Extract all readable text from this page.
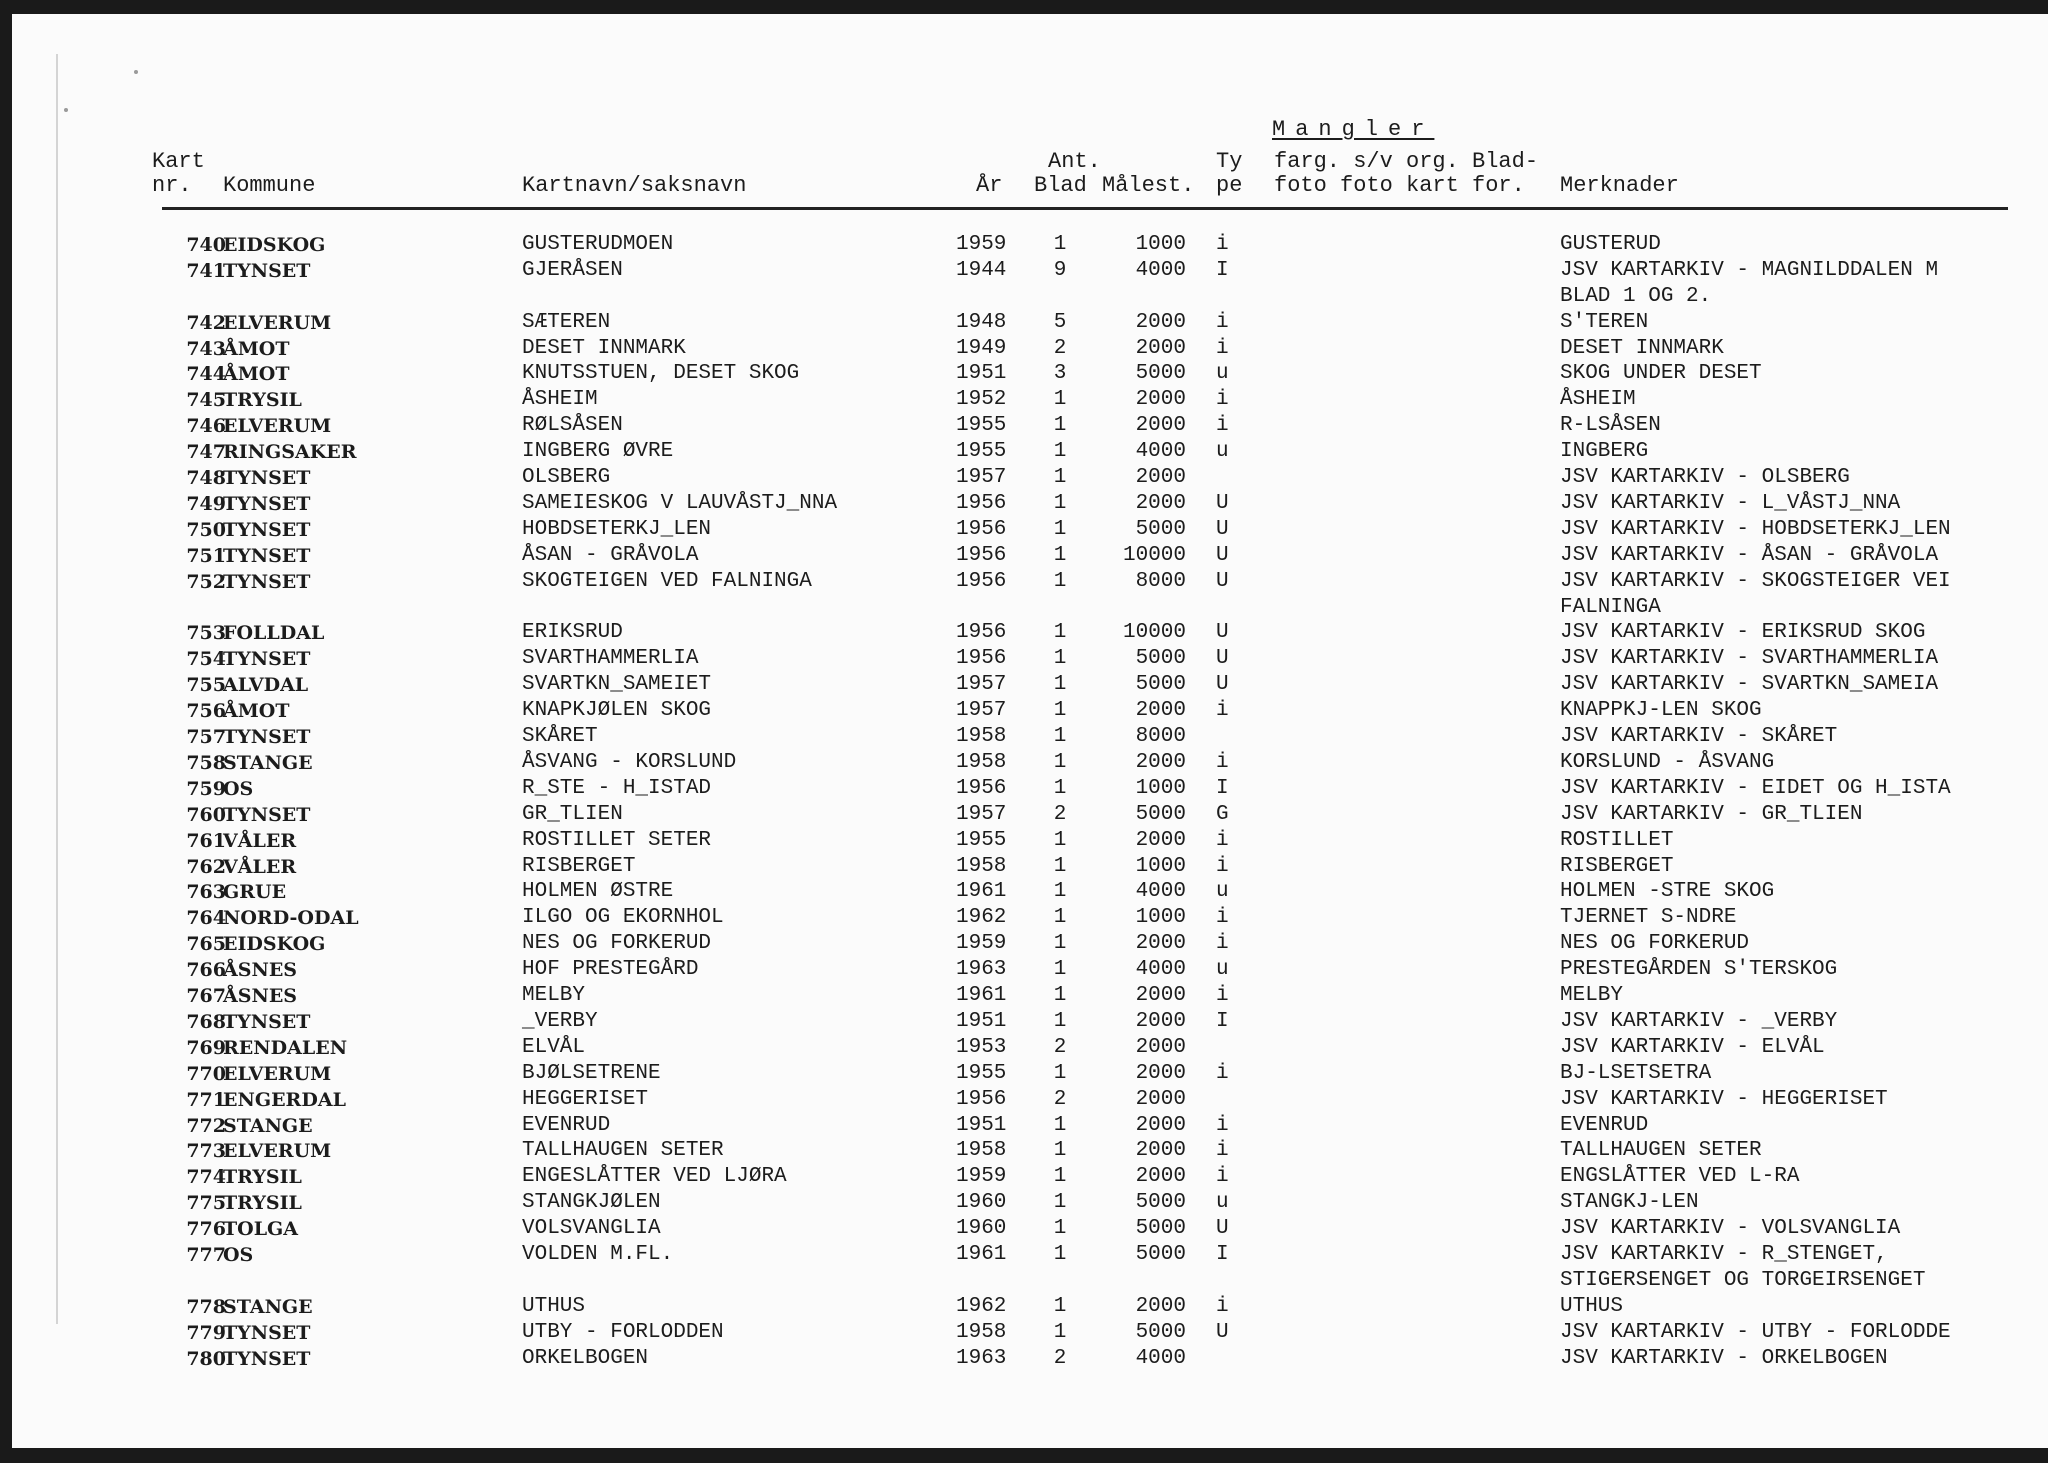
Mangler
Kart
nr. Kommune	Kartnavn/saksnavn	År
Ant.
Blad Målest.
Ty
pe
farg. s/v org. Blad-
foto foto kart for. Merknader
740
EIDSKOG	GUSTERUDMOEN	1959 1	1000 i	GUSTERUD
741
TYNSET	GJERÅSEN	1944 9	4000 I	JSV KARTARKIV - MAGNILDDALEN M
BLAD 1 OG 2.
742
ELVERUM	SÆTEREN	1948 5	2000 i	S'TEREN
743
ÅMOT	DESET INNMARK	1949 2	2000 i	DESET INNMARK
744
ÅMOT	KNUTSSTUEN, DESET SKOG	1951 3	5000 u	SKOG UNDER DESET
745
TRYSIL	ÅSHEIM	1952 1	2000 i	ÅSHEIM
746
ELVERUM	RØLSÅSEN	1955 1	2000 i	R-LSÅSEN
747
RINGSAKER	INGBERG ØVRE	1955 1	4000 u	INGBERG
748
TYNSET	OLSBERG	1957 1	2000	JSV KARTARKIV - OLSBERG
749
TYNSET	SAMEIESKOG V LAUVÅSTJ_NNA	1956 1	2000 U	JSV KARTARKIV - L_VÅSTJ_NNA
750
TYNSET	HOBDSETERKJ_LEN	1956 1	5000 U	JSV KARTARKIV - HOBDSETERKJ_LEN
751
TYNSET	ÅSAN - GRÅVOLA	1956 1	10000 U	JSV KARTARKIV - ÅSAN - GRÅVOLA
752
TYNSET	SKOGTEIGEN VED FALNINGA	1956 1	8000 U	JSV KARTARKIV - SKOGSTEIGER VEI
FALNINGA
753
FOLLDAL	ERIKSRUD	1956 1	10000 U	JSV KARTARKIV - ERIKSRUD SKOG
754
TYNSET	SVARTHAMMERLIA	1956 1	5000 U	JSV KARTARKIV - SVARTHAMMERLIA
755
ALVDAL	SVARTKN_SAMEIET	1957 1	5000 U	JSV KARTARKIV - SVARTKN_SAMEIA
756
ÅMOT	KNAPKJØLEN SKOG	1957 1	2000 i	KNAPPKJ-LEN SKOG
757
TYNSET	SKÅRET	1958 1	8000	JSV KARTARKIV - SKÅRET
758
STANGE	ÅSVANG - KORSLUND	1958 1	2000 i	KORSLUND - ÅSVANG
759
OS	R_STE - H_ISTAD	1956 1	1000 I	JSV KARTARKIV - EIDET OG H_ISTA
760
TYNSET	GR_TLIEN	1957 2	5000 G	JSV KARTARKIV - GR_TLIEN
761
VÅLER	ROSTILLET SETER	1955 1	2000 i	ROSTILLET
762
VÅLER	RISBERGET	1958 1	1000 i	RISBERGET
763
GRUE	HOLMEN ØSTRE	1961 1	4000 u	HOLMEN -STRE SKOG
764
NORD-ODAL	ILGO OG EKORNHOL	1962 1	1000 i	TJERNET S-NDRE
765
EIDSKOG	NES OG FORKERUD	1959 1	2000 i	NES OG FORKERUD
766
ÅSNES	HOF PRESTEGÅRD	1963 1	4000 u	PRESTEGÅRDEN S'TERSKOG
767
ÅSNES	MELBY	1961 1	2000 i	MELBY
768
TYNSET	_VERBY	1951 1	2000 I	JSV KARTARKIV - _VERBY
769
RENDALEN	ELVÅL	1953 2	2000	JSV KARTARKIV - ELVÅL
770
ELVERUM	BJØLSETRENE	1955 1	2000 i	BJ-LSETSETRA
771
ENGERDAL	HEGGERISET	1956 2	2000	JSV KARTARKIV - HEGGERISET
772
STANGE	EVENRUD	1951 1	2000 i	EVENRUD
773
ELVERUM	TALLHAUGEN SETER	1958 1	2000 i	TALLHAUGEN SETER
774
TRYSIL	ENGESLÅTTER VED LJØRA	1959 1	2000 i	ENGSLÅTTER VED L-RA
775
TRYSIL	STANGKJØLEN	1960 1	5000 u	STANGKJ-LEN
776
TOLGA	VOLSVANGLIA	1960 1	5000 U	JSV KARTARKIV - VOLSVANGLIA
777
OS	VOLDEN M.FL.	1961 1	5000 I	JSV KARTARKIV - R_STENGET,
STIGERSENGET OG TORGEIRSENGET
778
STANGE	UTHUS	1962 1	2000 i	UTHUS
779
TYNSET	UTBY - FORLODDEN	1958 1	5000 U	JSV KARTARKIV - UTBY - FORLODDE
780
TYNSET	ORKELBOGEN	1963 2	4000	JSV KARTARKIV - ORKELBOGEN
